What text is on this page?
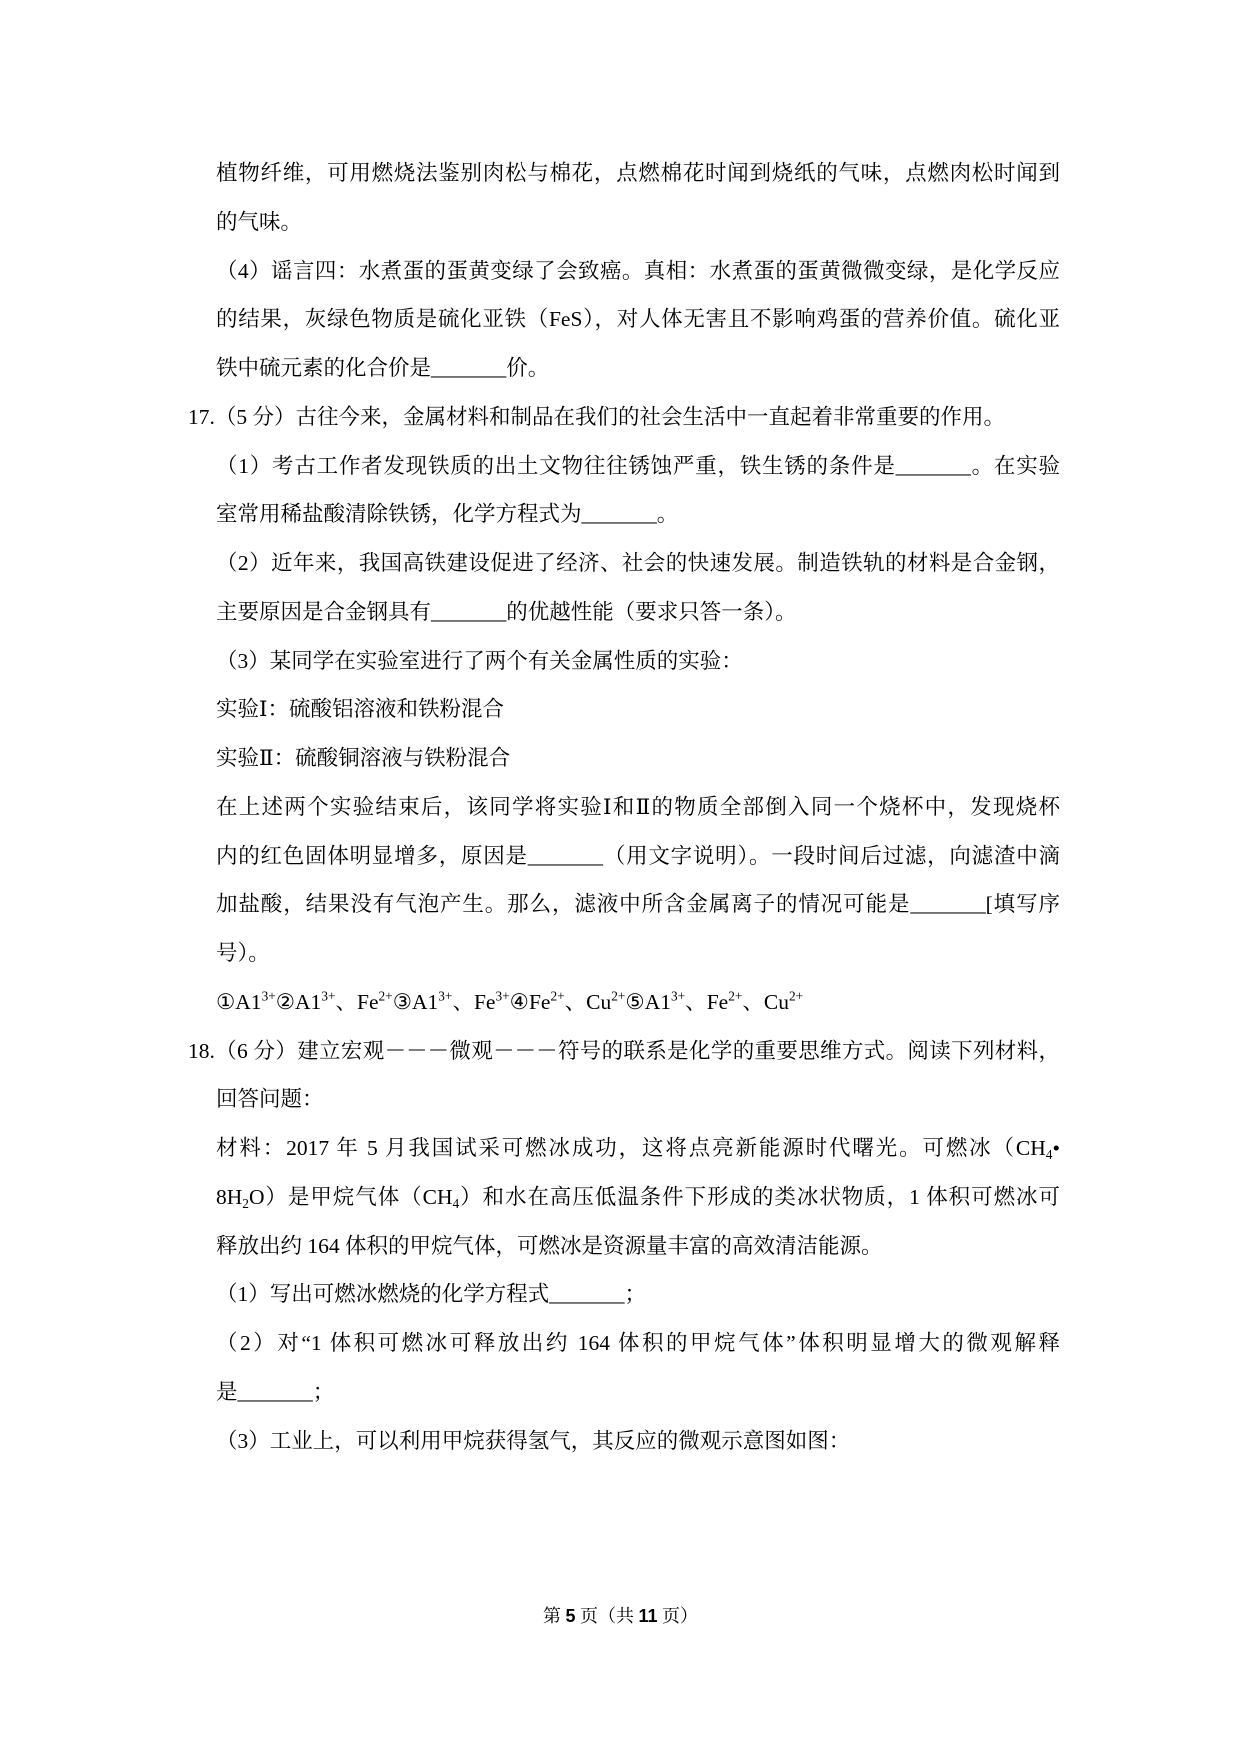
植物纤维，可用燃烧法鉴别肉松与棉花，点燃棉花时闻到烧纸的气味，点燃肉松时闻到
的气味。
（4）谣言四：水煮蛋的蛋黄变绿了会致癌。真相：水煮蛋的蛋黄微微变绿，是化学反应
的结果，灰绿色物质是硫化亚铁（FeS），对人体无害且不影响鸡蛋的营养价值。硫化亚
铁中硫元素的化合价是_______价。
17.（5 分）古往今来，金属材料和制品在我们的社会生活中一直起着非常重要的作用。
（1）考古工作者发现铁质的出土文物往往锈蚀严重，铁生锈的条件是_______。在实验
室常用稀盐酸清除铁锈，化学方程式为_______。
（2）近年来，我国高铁建设促进了经济、社会的快速发展。制造铁轨的材料是合金钢，
主要原因是合金钢具有_______的优越性能（要求只答一条）。
（3）某同学在实验室进行了两个有关金属性质的实验：
实验Ⅰ：硫酸铝溶液和铁粉混合
实验Ⅱ：硫酸铜溶液与铁粉混合
在上述两个实验结束后，该同学将实验Ⅰ和Ⅱ的物质全部倒入同一个烧杯中，发现烧杯
内的红色固体明显增多，原因是_______（用文字说明）。一段时间后过滤，向滤渣中滴
加盐酸，结果没有气泡产生。那么，滤液中所含金属离子的情况可能是_______[填写序
号）。
$①A1^{3+}②A1^{3+}$、$Fe^{2+}③A1^{3+}$、$Fe^{3+}④Fe^{2+}$、$Cu^{2+}⑤A1^{3+}$、$Fe^{2+}$、$Cu^{2+}$
18.（6 分）建立宏观－－－微观－－－符号的联系是化学的重要思维方式。阅读下列材料，
回答问题：
材料：2017 年 5 月我国试采可燃冰成功，这将点亮新能源时代曙光。可燃冰（$CH_4•$
$8H_2O$）是甲烷气体$(CH_4)$和水在高压低温条件下形成的类冰状物质，1 体积可燃冰可
释放出约 164 体积的甲烷气体，可燃冰是资源量丰富的高效清洁能源。
（1）写出可燃冰燃烧的化学方程式_______；
（2）对“1 体积可燃冰可释放出约 164 体积的甲烷气体”体积明显增大的微观解释
是_______；
（3）工业上，可以利用甲烷获得氢气，其反应的微观示意图如图：
第 5 页（共 11 页）
